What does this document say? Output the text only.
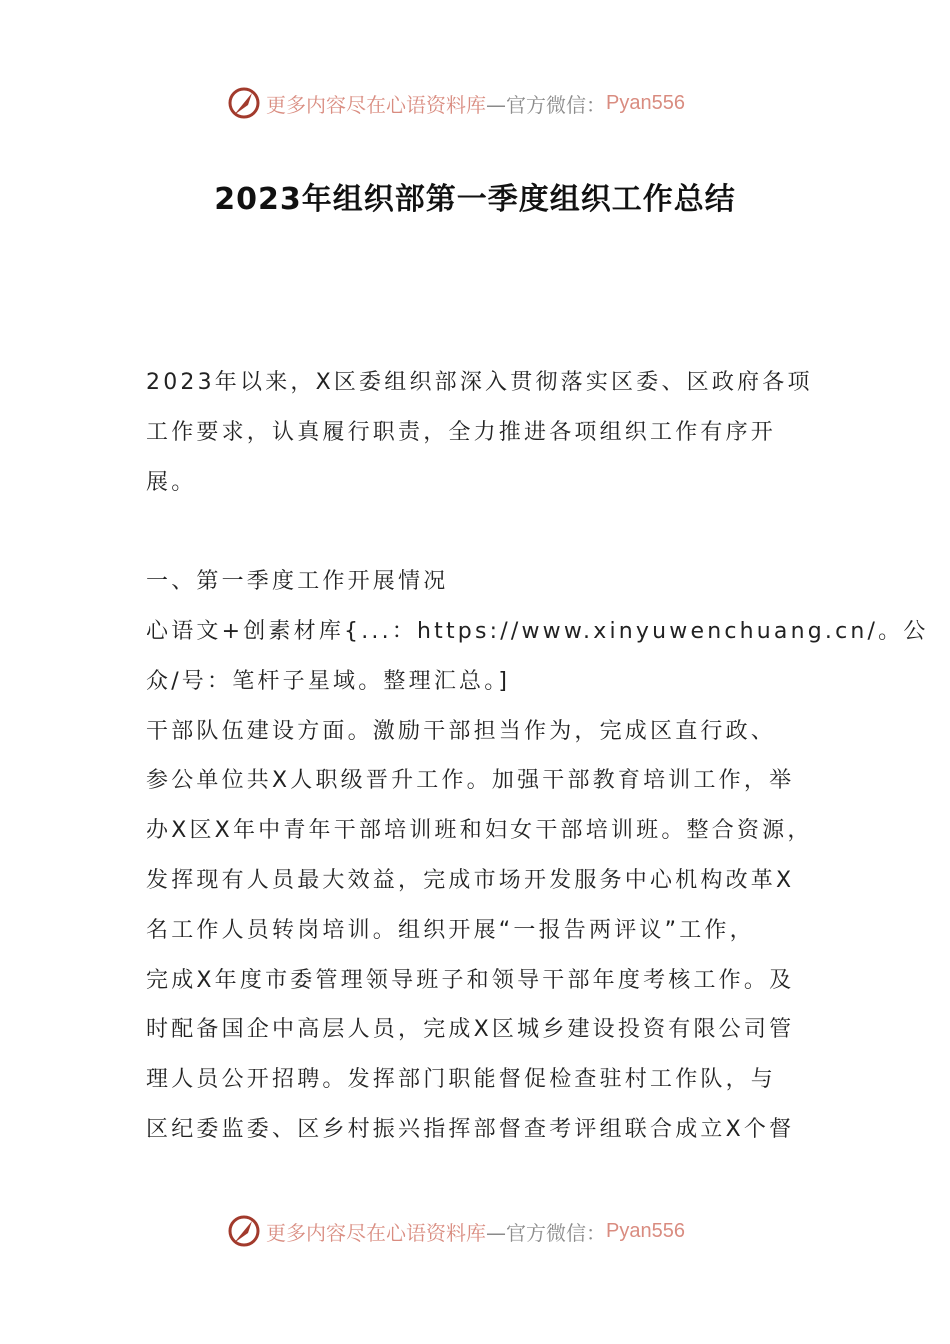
更多内容尽在心语资料库 —官方微信： Pyan556
2023年组织部第一季度组织工作总结
2023年以来，X区委组织部深入贯彻落实区委、区政府各项
工作要求，认真履行职责，全力推进各项组织工作有序开
展。
一、第一季度工作开展情况
心语文+创素材库{...：https://www.xinyuwenchuang.cn/。公
众/号：笔杆子星域。整理汇总。]
干部队伍建设方面。激励干部担当作为，完成区直行政、
参公单位共X人职级晋升工作。加强干部教育培训工作，举
办X区X年中青年干部培训班和妇女干部培训班。整合资源，
发挥现有人员最大效益，完成市场开发服务中心机构改革X
名工作人员转岗培训。组织开展“一报告两评议”工作，
完成X年度市委管理领导班子和领导干部年度考核工作。及
时配备国企中高层人员，完成X区城乡建设投资有限公司管
理人员公开招聘。发挥部门职能督促检查驻村工作队，与
区纪委监委、区乡村振兴指挥部督查考评组联合成立X个督
更多内容尽在心语资料库 —官方微信： Pyan556
